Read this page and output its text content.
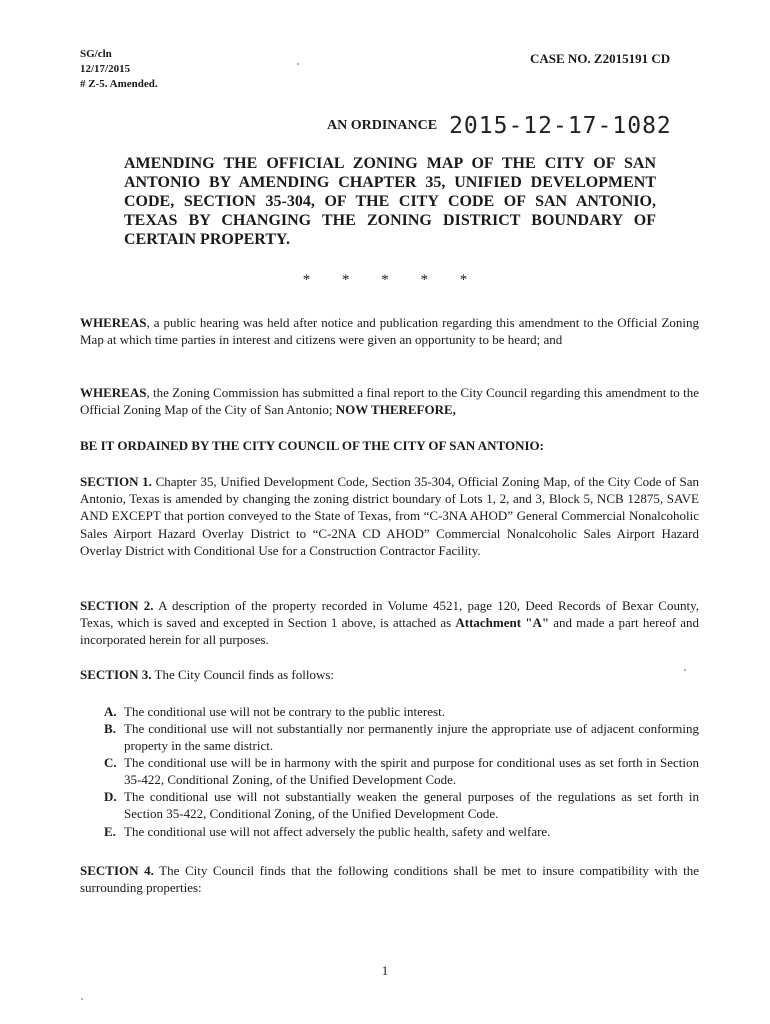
SG/cln
12/17/2015
# Z-5. Amended.
CASE NO. Z2015191 CD
AN ORDINANCE 2015-12-17-1082
AMENDING THE OFFICIAL ZONING MAP OF THE CITY OF SAN ANTONIO BY AMENDING CHAPTER 35, UNIFIED DEVELOPMENT CODE, SECTION 35-304, OF THE CITY CODE OF SAN ANTONIO, TEXAS BY CHANGING THE ZONING DISTRICT BOUNDARY OF CERTAIN PROPERTY.
* * * * *
WHEREAS, a public hearing was held after notice and publication regarding this amendment to the Official Zoning Map at which time parties in interest and citizens were given an opportunity to be heard; and
WHEREAS, the Zoning Commission has submitted a final report to the City Council regarding this amendment to the Official Zoning Map of the City of San Antonio; NOW THEREFORE,
BE IT ORDAINED BY THE CITY COUNCIL OF THE CITY OF SAN ANTONIO:
SECTION 1. Chapter 35, Unified Development Code, Section 35-304, Official Zoning Map, of the City Code of San Antonio, Texas is amended by changing the zoning district boundary of Lots 1, 2, and 3, Block 5, NCB 12875, SAVE AND EXCEPT that portion conveyed to the State of Texas, from “C-3NA AHOD” General Commercial Nonalcoholic Sales Airport Hazard Overlay District to “C-2NA CD AHOD” Commercial Nonalcoholic Sales Airport Hazard Overlay District with Conditional Use for a Construction Contractor Facility.
SECTION 2. A description of the property recorded in Volume 4521, page 120, Deed Records of Bexar County, Texas, which is saved and excepted in Section 1 above, is attached as Attachment "A" and made a part hereof and incorporated herein for all purposes.
SECTION 3. The City Council finds as follows:
A. The conditional use will not be contrary to the public interest.
B. The conditional use will not substantially nor permanently injure the appropriate use of adjacent conforming property in the same district.
C. The conditional use will be in harmony with the spirit and purpose for conditional uses as set forth in Section 35-422, Conditional Zoning, of the Unified Development Code.
D. The conditional use will not substantially weaken the general purposes of the regulations as set forth in Section 35-422, Conditional Zoning, of the Unified Development Code.
E. The conditional use will not affect adversely the public health, safety and welfare.
SECTION 4. The City Council finds that the following conditions shall be met to insure compatibility with the surrounding properties:
1
